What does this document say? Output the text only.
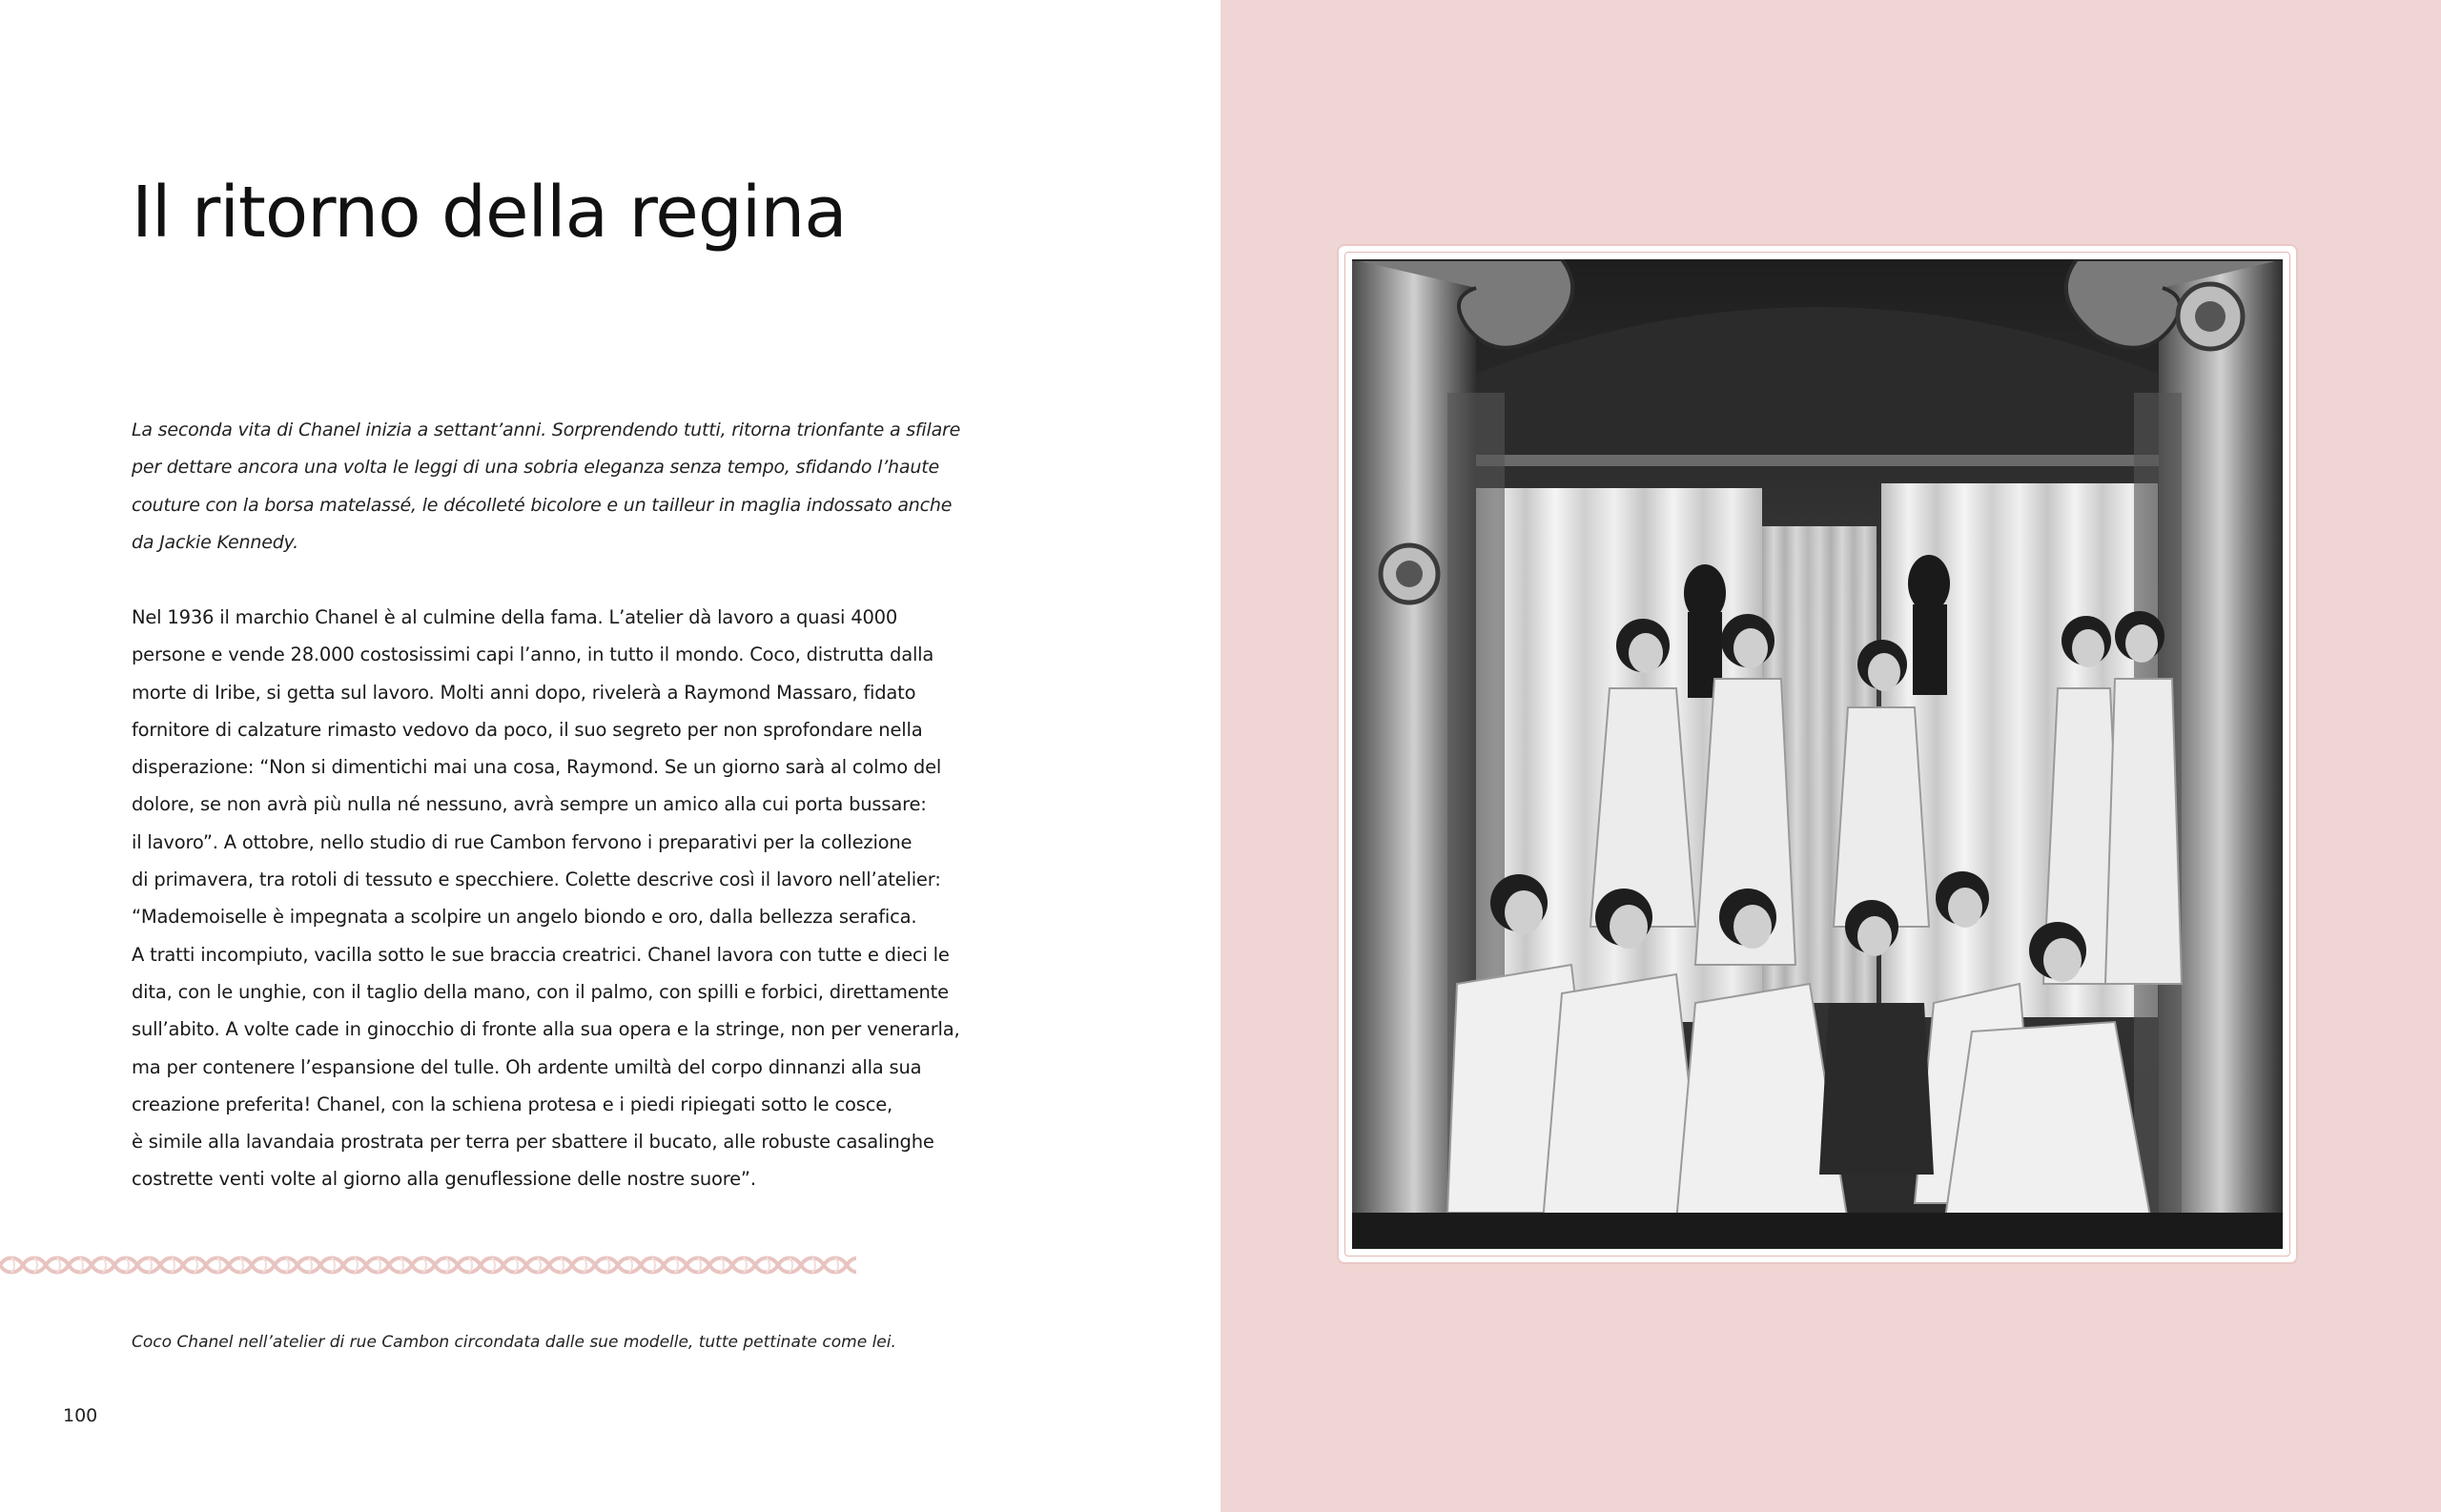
Il ritorno della regina

La seconda vita di Chanel inizia a settant’anni. Sorprendendo tutti, ritorna trionfante a sfilare
per dettare ancora una volta le leggi di una sobria eleganza senza tempo, sfidando l’haute
couture con la borsa matelassé, le décolleté bicolore e un tailleur in maglia indossato anche
da Jackie Kennedy.

Nel 1936 il marchio Chanel è al culmine della fama. L’atelier dà lavoro a quasi 4000
persone e vende 28.000 costosissimi capi l’anno, in tutto il mondo. Coco, distrutta dalla
morte di Iribe, si getta sul lavoro. Molti anni dopo, rivelerà a Raymond Massaro, fidato
fornitore di calzature rimasto vedovo da poco, il suo segreto per non sprofondare nella
disperazione: “Non si dimentichi mai una cosa, Raymond. Se un giorno sarà al colmo del
dolore, se non avrà più nulla né nessuno, avrà sempre un amico alla cui porta bussare:
il lavoro”. A ottobre, nello studio di rue Cambon fervono i preparativi per la collezione
di primavera, tra rotoli di tessuto e specchiere. Colette descrive così il lavoro nell’atelier:
“Mademoiselle è impegnata a scolpire un angelo biondo e oro, dalla bellezza serafica.
A tratti incompiuto, vacilla sotto le sue braccia creatrici. Chanel lavora con tutte e dieci le
dita, con le unghie, con il taglio della mano, con il palmo, con spilli e forbici, direttamente
sull’abito. A volte cade in ginocchio di fronte alla sua opera e la stringe, non per venerarla,
ma per contenere l’espansione del tulle. Oh ardente umiltà del corpo dinnanzi alla sua
creazione preferita! Chanel, con la schiena protesa e i piedi ripiegati sotto le cosce,
è simile alla lavandaia prostrata per terra per sbattere il bucato, alle robuste casalinghe
costrette venti volte al giorno alla genuflessione delle nostre suore”.

Coco Chanel nell’atelier di rue Cambon circondata dalle sue modelle, tutte pettinate come lei.

100
